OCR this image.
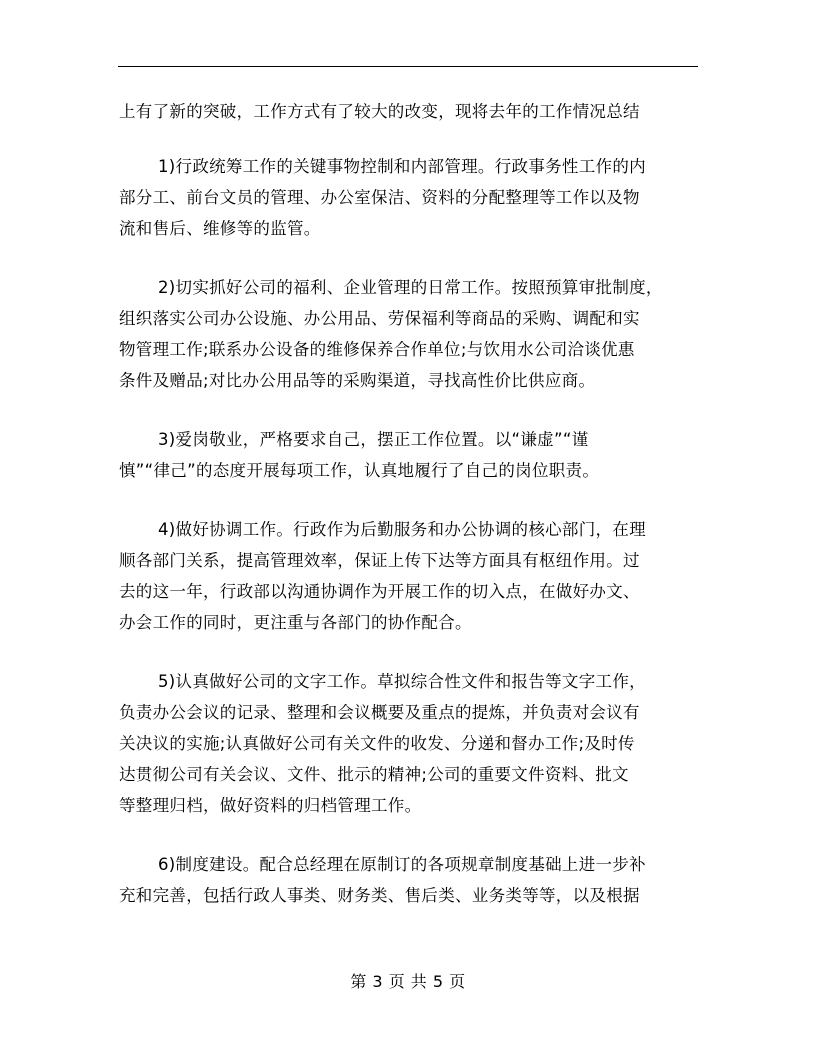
上有了新的突破，工作方式有了较大的改变，现将去年的工作情况总结

1)行政统筹工作的关键事物控制和内部管理。行政事务性工作的内
部分工、前台文员的管理、办公室保洁、资料的分配整理等工作以及物
流和售后、维修等的监管。

2)切实抓好公司的福利、企业管理的日常工作。按照预算审批制度，
组织落实公司办公设施、办公用品、劳保福利等商品的采购、调配和实
物管理工作;联系办公设备的维修保养合作单位;与饮用水公司洽谈优惠
条件及赠品;对比办公用品等的采购渠道，寻找高性价比供应商。

3)爱岗敬业，严格要求自己，摆正工作位置。以“谦虚”“谨
慎”“律己”的态度开展每项工作，认真地履行了自己的岗位职责。

4)做好协调工作。行政作为后勤服务和办公协调的核心部门，在理
顺各部门关系，提高管理效率，保证上传下达等方面具有枢纽作用。过
去的这一年，行政部以沟通协调作为开展工作的切入点，在做好办文、
办会工作的同时，更注重与各部门的协作配合。

5)认真做好公司的文字工作。草拟综合性文件和报告等文字工作，
负责办公会议的记录、整理和会议概要及重点的提炼，并负责对会议有
关决议的实施;认真做好公司有关文件的收发、分递和督办工作;及时传
达贯彻公司有关会议、文件、批示的精神;公司的重要文件资料、批文
等整理归档，做好资料的归档管理工作。

6)制度建设。配合总经理在原制订的各项规章制度基础上进一步补
充和完善，包括行政人事类、财务类、售后类、业务类等等，以及根据

第 3 页 共 5 页
